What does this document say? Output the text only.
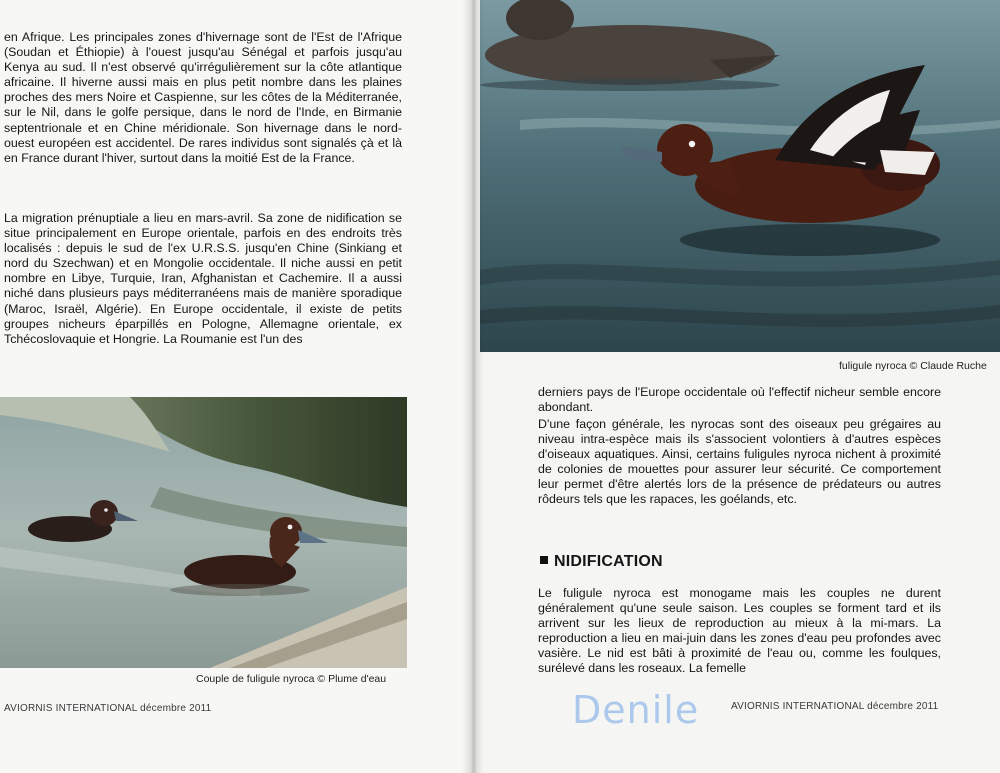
en Afrique. Les principales zones d'hivernage sont de l'Est de l'Afrique (Soudan et Éthiopie) à l'ouest jusqu'au Sénégal et parfois jusqu'au Kenya au sud. Il n'est observé qu'irrégulièrement sur la côte atlantique africaine. Il hiverne aussi mais en plus petit nombre dans les plaines proches des mers Noire et Caspienne, sur les côtes de la Méditerranée, sur le Nil, dans le golfe persique, dans le nord de l'Inde, en Birmanie septentrionale et en Chine méridionale. Son hivernage dans le nord-ouest européen est accidentel. De rares individus sont signalés çà et là en France durant l'hiver, surtout dans la moitié Est de la France.

La migration prénuptiale a lieu en mars-avril. Sa zone de nidification se situe principalement en Europe orientale, parfois en des endroits très localisés : depuis le sud de l'ex U.R.S.S. jusqu'en Chine (Sinkiang et nord du Szechwan) et en Mongolie occidentale. Il niche aussi en petit nombre en Libye, Turquie, Iran, Afghanistan et Cachemire. Il a aussi niché dans plusieurs pays méditerranéens mais de manière sporadique (Maroc, Israël, Algérie). En Europe occidentale, il existe de petits groupes nicheurs éparpillés en Pologne, Allemagne orientale, ex Tchécoslovaquie et Hongrie. La Roumanie est l'un des

Couple de fuligule nyroca © Plume d'eau
AVIORNIS INTERNATIONAL décembre 2011
fuligule nyroca © Claude Ruche

derniers pays de l'Europe occidentale où l'effectif nicheur semble encore abondant.

D'une façon générale, les nyrocas sont des oiseaux peu grégaires au niveau intra-espèce mais ils s'associent volontiers à d'autres espèces d'oiseaux aquatiques. Ainsi, certains fuligules nyroca nichent à proximité de colonies de mouettes pour assurer leur sécurité. Ce comportement leur permet d'être alertés lors de la présence de prédateurs ou autres rôdeurs tels que les rapaces, les goélands, etc.

NIDIFICATION

Le fuligule nyroca est monogame mais les couples ne durent généralement qu'une seule saison. Les couples se forment tard et ils arrivent sur les lieux de reproduction au mieux à la mi-mars. La reproduction a lieu en mai-juin dans les zones d'eau peu profondes avec vasière. Le nid est bâti à proximité de l'eau ou, comme les foulques, surélevé dans les roseaux. La femelle

AVIORNIS INTERNATIONAL décembre 2011
Denile
